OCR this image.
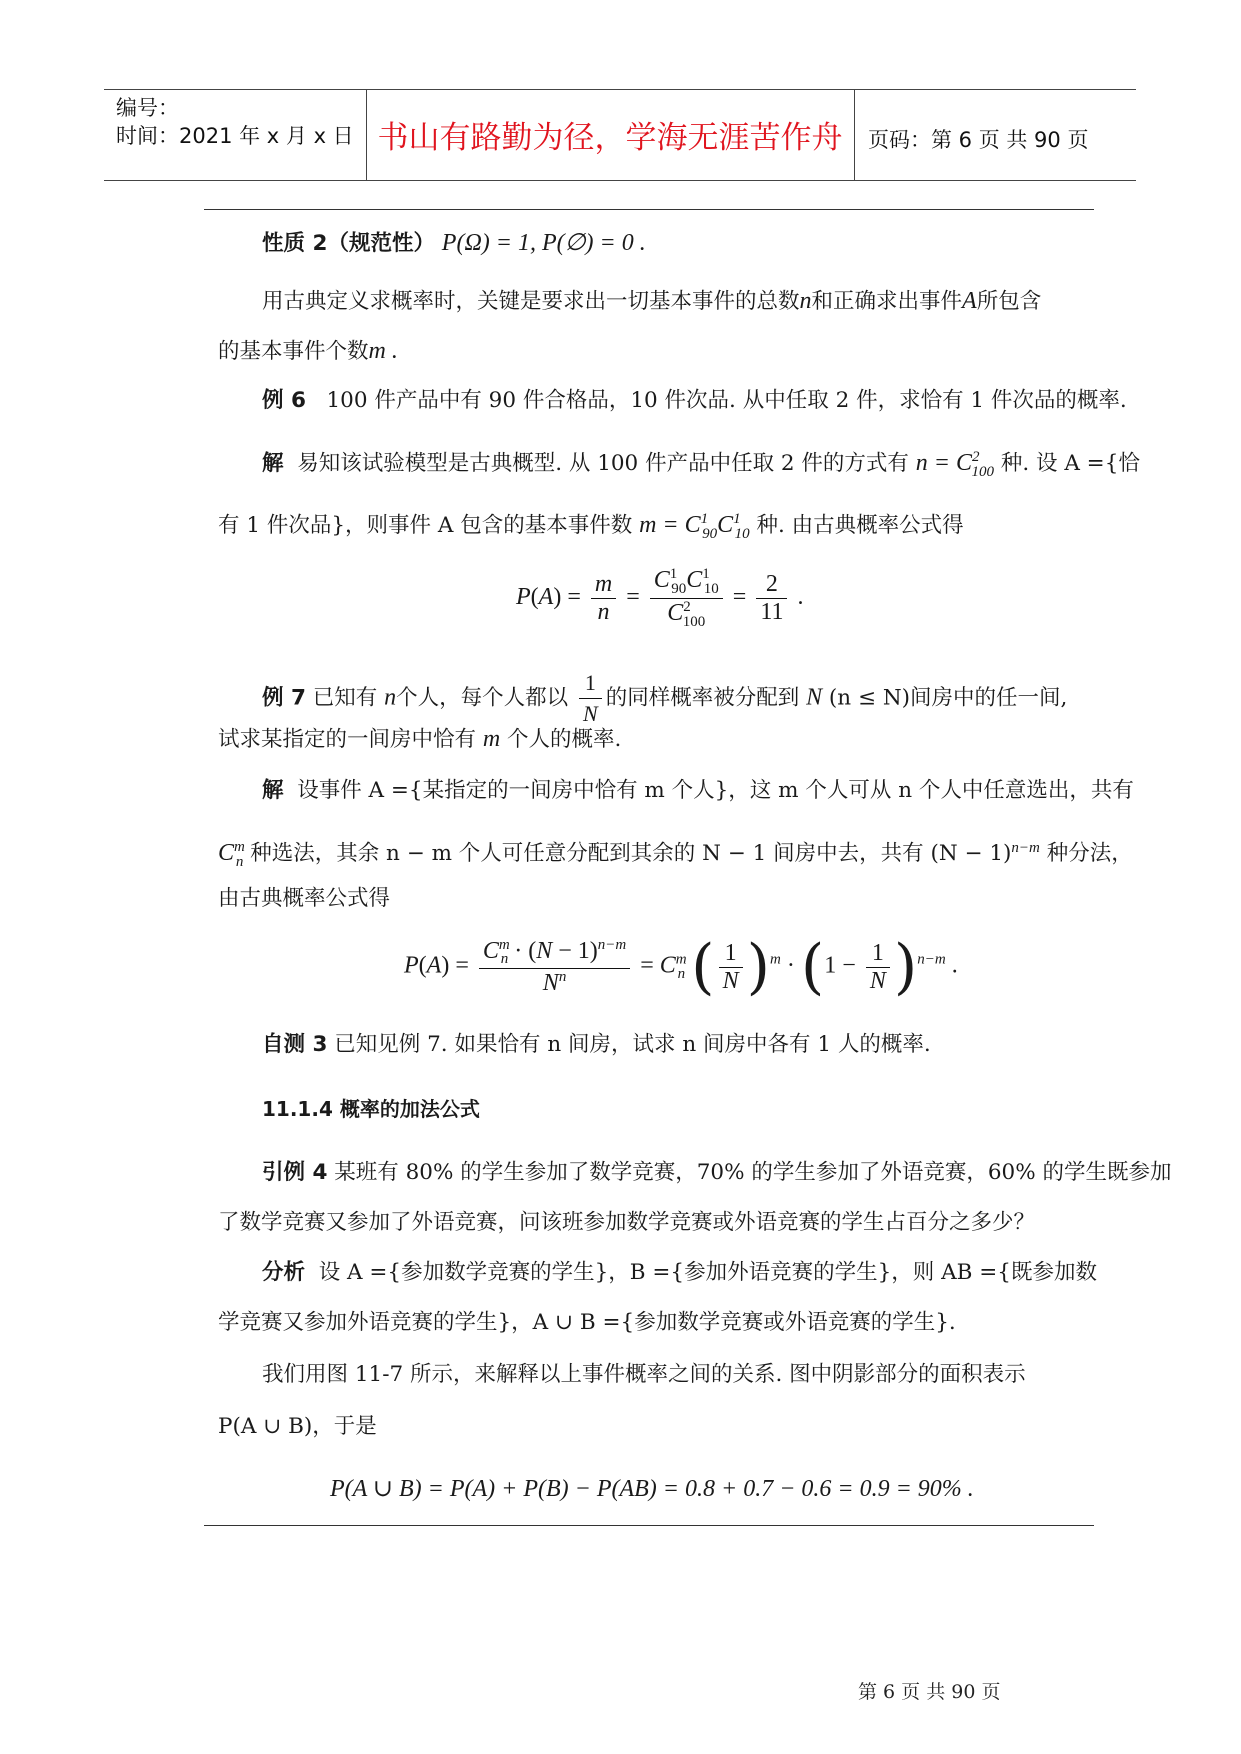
编号：
时间：2021 年 x 月 x 日 书山有路勤为径，学海无涯苦作舟	页码：第 6 页 共 90 页
性质 2（规范性） P(Ω) = 1, P(∅) = 0 .
用古典定义求概率时，关键是要求出一切基本事件的总数n和正确求出事件A所包含
的基本事件个数m .
例 6 100 件产品中有 90 件合格品，10 件次品. 从中任取 2 件，求恰有 1 件次品的概率.
解 易知该试验模型是古典概型. 从 100 件产品中任取 2 件的方式有 $n = C^2_{100}$ 种. 设 A ={恰
有 1 件次品}，则事件 A 包含的基本事件数 $m = C^1_{90}C^1_{10}$ 种. 由古典概率公式得
$P(A) = \frac{m}{n} = \frac{C^1_{90}C^1_{10}}{C^2_{100}} = \frac{2}{11}$ .
例 7 已知有 n个人，每个人都以 $\frac{1}{N}$ 的同样概率被分配到 N (n ≤ N)间房中的任一间,
试求某指定的一间房中恰有 m 个人的概率.
解 设事件 A ={某指定的一间房中恰有 m 个人}，这 m 个人可从 n 个人中任意选出，共有
$C^m_n$ 种选法，其余 n − m 个人可任意分配到其余的 N − 1 间房中去，共有 $(N - 1)^{n-m}$ 种分法，
由古典概率公式得
$P(A) = \frac{C^m_n \cdot (N - 1)^{n-m}}{N^n} = C^m_n$ ( $\frac{1}{N} )^m \cdot (1 - \frac{1}{N} )^{n-m}$ .
自测 3 已知见例 7. 如果恰有 n 间房，试求 n 间房中各有 1 人的概率.
11.1.4 概率的加法公式
引例 4 某班有 80% 的学生参加了数学竞赛，70% 的学生参加了外语竞赛，60% 的学生既参加
了数学竞赛又参加了外语竞赛，问该班参加数学竞赛或外语竞赛的学生占百分之多少？
分析 设 A ={参加数学竞赛的学生}，B ={参加外语竞赛的学生}，则 AB ={既参加数
学竞赛又参加外语竞赛的学生}，A ∪ B ={参加数学竞赛或外语竞赛的学生}.
我们用图 11-7 所示，来解释以上事件概率之间的关系. 图中阴影部分的面积表示
P(A ∪ B)，于是
P(A ∪ B) = P(A) + P(B) − P(AB) = 0.8 + 0.7 − 0.6 = 0.9 = 90% .
第 6 页 共 90 页
